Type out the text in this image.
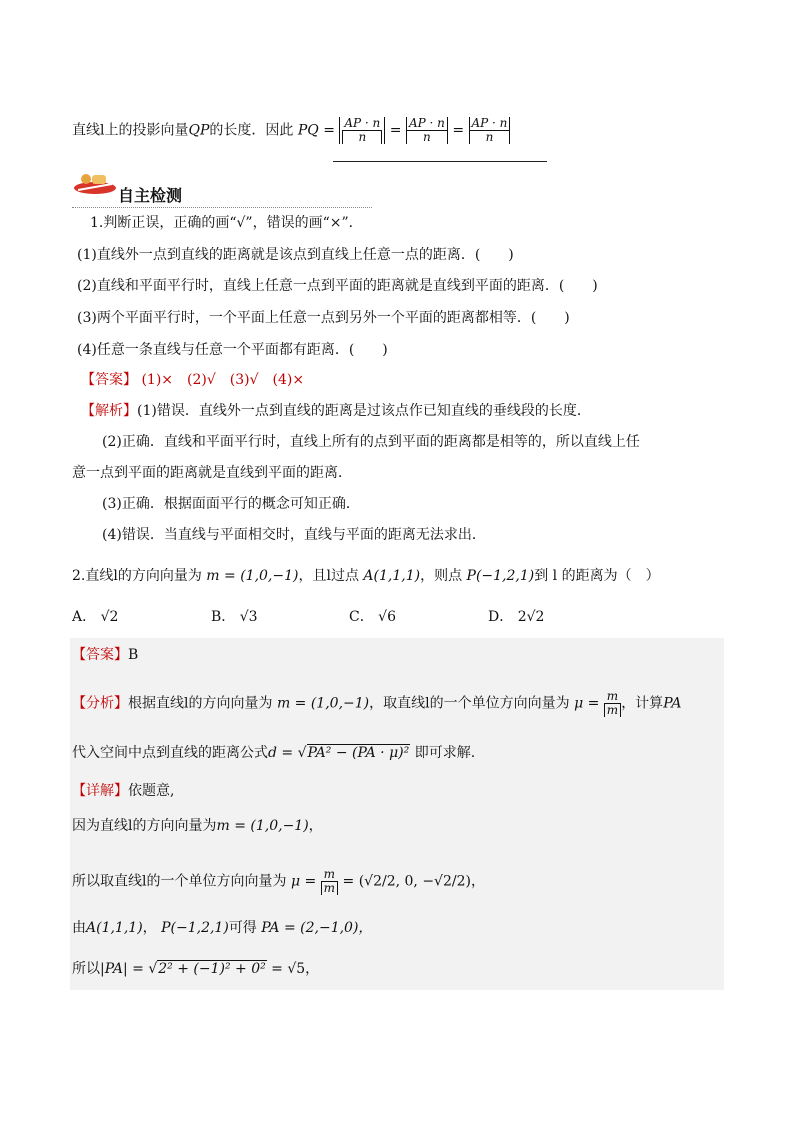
直线l上的投影向量QP的长度．因此 PQ = $\frac{AP \cdot n}{n} = \frac{AP \cdot n}{n} = \frac{AP \cdot n}{n}$
自主检测
1.判断正误，正确的画“√”，错误的画“×”．
(1)直线外一点到直线的距离就是该点到直线上任意一点的距离．(　　)
(2)直线和平面平行时，直线上任意一点到平面的距离就是直线到平面的距离．(　　)
(3)两个平面平行时，一个平面上任意一点到另外一个平面的距离都相等．(　　)
(4)任意一条直线与任意一个平面都有距离．(　　)
【答案】 (1)×　(2)√　(3)√　(4)×
【解析】(1)错误．直线外一点到直线的距离是过该点作已知直线的垂线段的长度．
(2)正确．直线和平面平行时，直线上所有的点到平面的距离都是相等的，所以直线上任
意一点到平面的距离就是直线到平面的距离．
(3)正确．根据面面平行的概念可知正确．
(4)错误．当直线与平面相交时，直线与平面的距离无法求出．
2.直线l的方向向量为 m = (1,0,−1)，且l过点 A(1,1,1)，则点 P(−1,2,1)到 l 的距离为（　）
A． √2	B． √3	C． √6	D． 2√2
【答案】B
【分析】根据直线l的方向向量为 m = (1,0,−1)，取直线l的一个单位方向向量为 $\mu = \frac{m}{m}$ ，计算PA
代入空间中点到直线的距离公式d = √PA² − (PA · μ)² 即可求解.
【详解】依题意,
因为直线l的方向向量为m = (1,0,−1)，
所以取直线l的一个单位方向向量为 $\mu = \frac{m}{m} = (√2/2$, 0, −√2/2)，
由A(1,1,1)， P(−1,2,1)可得 PA = (2,−1,0)，
所以|PA| = √2² + (−1)² + 0² = √5，
